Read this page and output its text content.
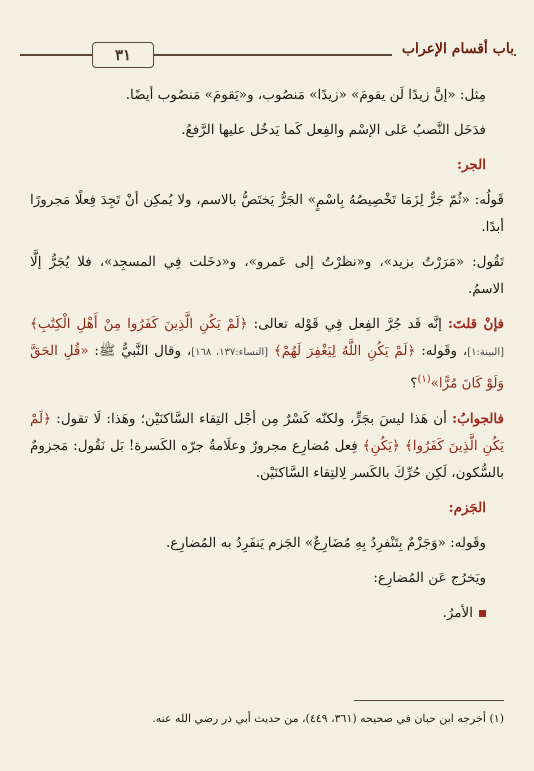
٣١	باب أقسام الإعراب

مِثل: «إنَّ زيدًا لَن يقومَ» «زيدًا» مَنصُوب، و«يَقومَ» مَنصُوب أيضًا.

فدَخَل النَّصبُ عَلى الإسْم والفِعل كَما يَدخُل عليها الرَّفعُ.

الجر:

قَولُه: «ثُمّ جَرٌّ لِزَمَا تَخْصِيصُهُ بِاسْمٍ» الجَرُّ يَختَصُّ بالاسم، ولا يُمكِن أنْ تَجِدَ فِعلًا مَجرورًا أبدًا.

تَقُول: «مَرَرْتُ بزيد»، و«نظرْتُ إلى عَمرو»، و«دخَلت فِي المسجِد»، فلا يُجَرُّ إلَّا الاسمُ.

فإنْ قلتَ: إنَّه قَد جُرَّ الفِعل فِي قَوْله تعالى: ﴿لَمْ يَكُنِ الَّذِينَ كَفَرُوا مِنْ أَهْلِ الْكِتَٰبِ﴾ [البينة:١]، وقَوله: ﴿لَمْ يَكُنِ اللَّهُ لِيَغْفِرَ لَهُمْ﴾ [النساء:١٣٧، ١٦٨]، وقال النَّبيُّ ﷺ: «قُلِ الحَقَّ وَلَوْ كَانَ مُرًّا»$^{(١)}$؟

فالجوابُ: أن هَذا ليسَ بجَرٍّ، ولكنّه كَسْرٌ مِن أجْل التِقاء السَّاكنَيْن؛ وهَذا: لَا تقول: ﴿لَمْ يَكُنِ الَّذِينَ كَفَرُوا﴾ ﴿يَكُنِ﴾ فِعل مُضارِع مجرورٌ وعلَامةُ جرّه الكَسرة! بَل نَقُول: مَجزومٌ بالسُّكون، لَكِن حُرِّكَ بالكَسر لِالتِقاء السَّاكنَيْن.

الجَزم:

وقَوله: «وَجَزْمٌ بِتَنْفرِدُ بِهِ مُضَارِعٌ» الجَزم يَنفَرِدُ به المُضارِع.

ويَخرُج عَن المُضارِع:

الأمرُ.

(١) أخرجه ابن حبان في صحيحه (٣٦١، ٤٤٩)، من حديث أبي ذر رضي الله عنه.
